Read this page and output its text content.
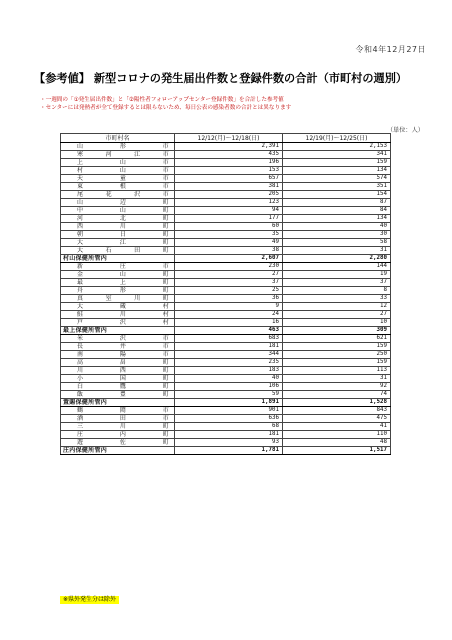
令和4年12月27日
【参考値】 新型コロナの発生届出件数と登録件数の合計（市町村の週別）
・一週間の「①発生届出件数」と「②陽性者フォローアップセンター登録件数」を合計した参考値
・センターには発熱者が全て登録するとは限らないため、毎日公表の感染者数の合計とは異なります
（単位：人）
市町村名	12/12(月)～12/18(日)	12/19(月)～12/25(日)
山　形　市	2,391	2,153
寒河江市	435	341
上山市	196	159
村山市	153	134
天童市	657	574
東根市	381	351
尾花沢市	205	154
山辺町	123	87
中山町	94	84
河北町	177	134
西川町	60	40
朝日町	35	30
大江町	49	58
大石田町	38	31
村山保健所管内	2,607	2,280
新庄市	230	144
金山町	27	19
最上町	37	37
舟形町	25	8
真室川町	36	33
大蔵村	9	12
鮭川村	24	27
戸沢村	16	10
最上保健所管内	463	309
米沢市	683	621
長井市	181	159
南陽市	344	250
高畠町	235	159
川西町	183	113
小国町	40	31
白鷹町	106	92
飯豊町	59	74
置賜保健所管内	1,891	1,528
鶴岡市	901	843
酒田市	636	475
三川町	68	41
庄内町	181	110
遊佐町	93	48
庄内保健所管内	1,781	1,517
※県外発生分は除外
